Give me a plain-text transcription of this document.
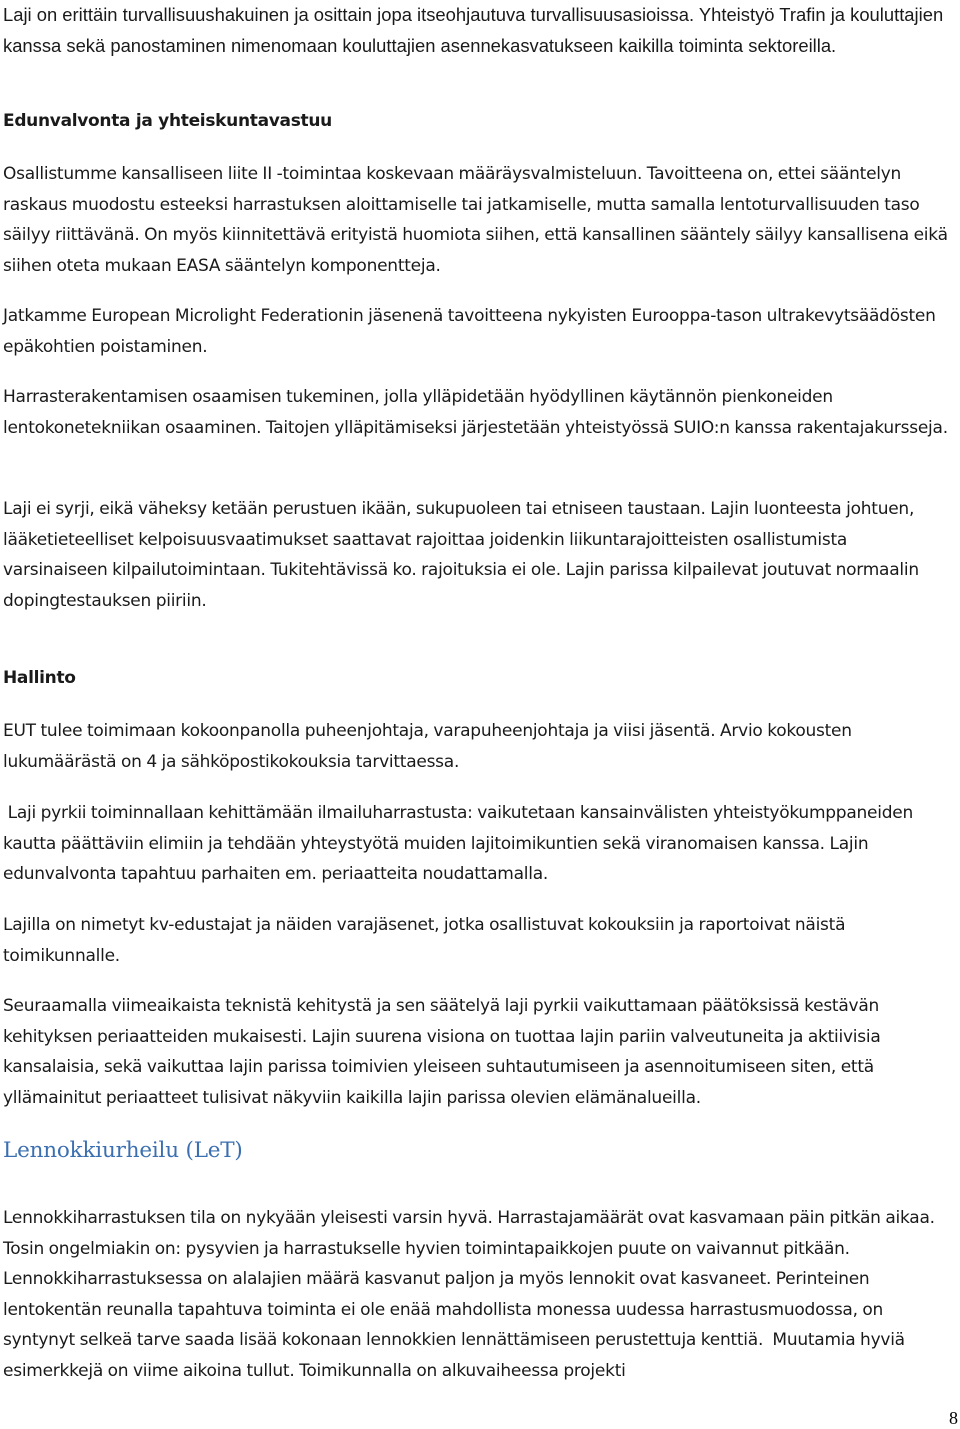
Laji on erittäin turvallisuushakuinen ja osittain jopa itseohjautuva turvallisuusasioissa. Yhteistyö Trafin ja kouluttajien kanssa sekä panostaminen nimenomaan kouluttajien asennekasvatukseen kaikilla toiminta sektoreilla.

Edunvalvonta ja yhteiskuntavastuu

Osallistumme kansalliseen liite II -toimintaa koskevaan määräysvalmisteluun. Tavoitteena on, ettei sääntelyn raskaus muodostu esteeksi harrastuksen aloittamiselle tai jatkamiselle, mutta samalla lentoturvallisuuden taso säilyy riittävänä. On myös kiinnitettävä erityistä huomiota siihen, että kansallinen sääntely säilyy kansallisena eikä siihen oteta mukaan EASA sääntelyn komponentteja.

Jatkamme European Microlight Federationin jäsenenä tavoitteena nykyisten Eurooppa-tason ultrakevytsäädösten epäkohtien poistaminen.

Harrasterakentamisen osaamisen tukeminen, jolla ylläpidetään hyödyllinen käytännön pienkoneiden lentokonetekniikan osaaminen. Taitojen ylläpitämiseksi järjestetään yhteistyössä SUIO:n kanssa rakentajakursseja.

Laji ei syrji, eikä väheksy ketään perustuen ikään, sukupuoleen tai etniseen taustaan. Lajin luonteesta johtuen, lääketieteelliset kelpoisuusvaatimukset saattavat rajoittaa joidenkin liikuntarajoitteisten osallistumista varsinaiseen kilpailutoimintaan. Tukitehtävissä ko. rajoituksia ei ole. Lajin parissa kilpailevat joutuvat normaalin dopingtestauksen piiriin.

Hallinto

EUT tulee toimimaan kokoonpanolla puheenjohtaja, varapuheenjohtaja ja viisi jäsentä. Arvio kokousten lukumäärästä on 4 ja sähköpostikokouksia tarvittaessa.

Laji pyrkii toiminnallaan kehittämään ilmailuharrastusta: vaikutetaan kansainvälisten yhteistyökumppaneiden kautta päättäviin elimiin ja tehdään yhteystyötä muiden lajitoimikuntien sekä viranomaisen kanssa. Lajin edunvalvonta tapahtuu parhaiten em. periaatteita noudattamalla.

Lajilla on nimetyt kv-edustajat ja näiden varajäsenet, jotka osallistuvat kokouksiin ja raportoivat näistä toimikunnalle.

Seuraamalla viimeaikaista teknistä kehitystä ja sen säätelyä laji pyrkii vaikuttamaan päätöksissä kestävän kehityksen periaatteiden mukaisesti. Lajin suurena visiona on tuottaa lajin pariin valveutuneita ja aktiivisia kansalaisia, sekä vaikuttaa lajin parissa toimivien yleiseen suhtautumiseen ja asennoitumiseen siten, että yllämainitut periaatteet tulisivat näkyviin kaikilla lajin parissa olevien elämänalueilla.

Lennokkiurheilu (LeT)

Lennokkiharrastuksen tila on nykyään yleisesti varsin hyvä. Harrastajamäärät ovat kasvamaan päin pitkän aikaa. Tosin ongelmiakin on: pysyvien ja harrastukselle hyvien toimintapaikkojen puute on vaivannut pitkään. Lennokkiharrastuksessa on alalajien määrä kasvanut paljon ja myös lennokit ovat kasvaneet. Perinteinen lentokentän reunalla tapahtuva toiminta ei ole enää mahdollista monessa uudessa harrastusmuodossa, on syntynyt selkeä tarve saada lisää kokonaan lennokkien lennättämiseen perustettuja kenttiä.  Muutamia hyviä esimerkkejä on viime aikoina tullut. Toimikunnalla on alkuvaiheessa projekti

8
